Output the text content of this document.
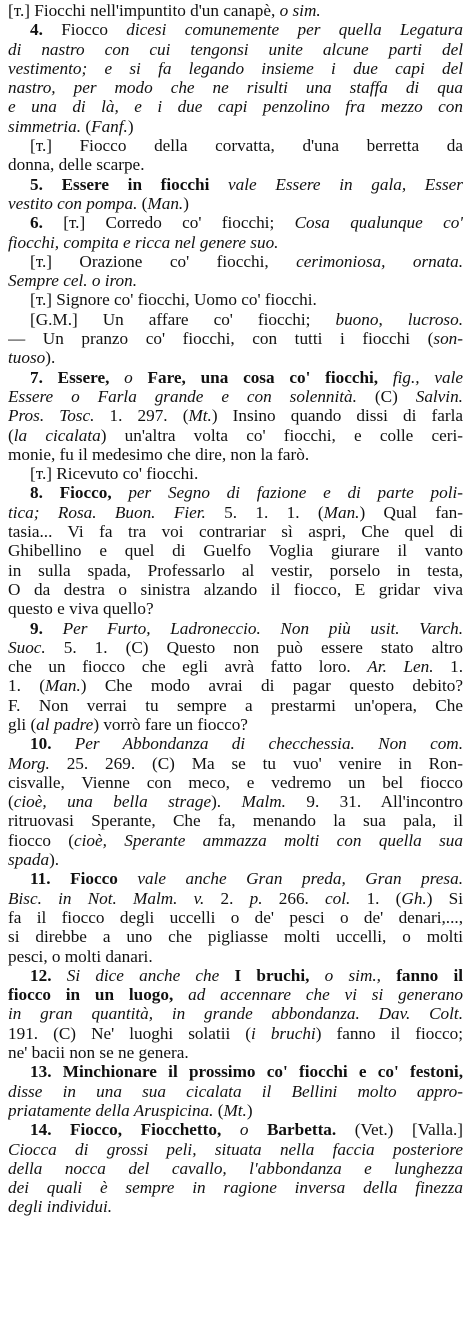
[т.] Fiocchi nell'impuntito d'un canapè, o sim.
4. Fiocco dicesi comunemente per quella Legatura
di nastro con cui tengonsi unite alcune parti del
vestimento; e si fa legando insieme i due capi del
nastro, per modo che ne risulti una staffa di qua
e una di là, e i due capi penzolino fra mezzo con
simmetria. (Fanf.)
[т.] Fiocco della corvatta, d'una berretta da
donna, delle scarpe.
5. Essere in fiocchi vale Essere in gala, Esser
vestito con pompa. (Man.)
6. [т.] Corredo co' fiocchi; Cosa qualunque co'
fiocchi, compita e ricca nel genere suo.
[т.] Orazione co' fiocchi, cerimoniosa, ornata.
Sempre cel. o iron.
[т.] Signore co' fiocchi, Uomo co' fiocchi.
[G.M.] Un affare co' fiocchi; buono, lucroso.
— Un pranzo co' fiocchi, con tutti i fiocchi (son-
tuoso).
7. Essere, o Fare, una cosa co' fiocchi, fig., vale
Essere o Farla grande e con solennità. (C) Salvin.
Pros. Tosc. 1. 297. (Mt.) Insino quando dissi di farla
(la cicalata) un'altra volta co' fiocchi, e colle ceri-
monie, fu il medesimo che dire, non la farò.
[т.] Ricevuto co' fiocchi.
8. Fiocco, per Segno di fazione e di parte poli-
tica; Rosa. Buon. Fier. 5. 1. 1. (Man.) Qual fan-
tasia... Vi fa tra voi contrariar sì aspri, Che quel di
Ghibellino e quel di Guelfo Voglia giurare il vanto
in sulla spada, Professarlo al vestir, porselo in testa,
O da destra o sinistra alzando il fiocco, E gridar viva
questo e viva quello?
9. Per Furto, Ladroneccio. Non più usit. Varch.
Suoc. 5. 1. (C) Questo non può essere stato altro
che un fiocco che egli avrà fatto loro. Ar. Len. 1.
1. (Man.) Che modo avrai di pagar questo debito?
F. Non verrai tu sempre a prestarmi un'opera, Che
gli (al padre) vorrò fare un fiocco?
10. Per Abbondanza di checchessia. Non com.
Morg. 25. 269. (C) Ma se tu vuo' venire in Ron-
cisvalle, Vienne con meco, e vedremo un bel fiocco
(cioè, una bella strage). Malm. 9. 31. All'incontro
ritruovasi Sperante, Che fa, menando la sua pala, il
fiocco (cioè, Sperante ammazza molti con quella sua
spada).
11. Fiocco vale anche Gran preda, Gran presa.
Bisc. in Not. Malm. v. 2. p. 266. col. 1. (Gh.) Si
fa il fiocco degli uccelli o de' pesci o de' denari,...,
si direbbe a uno che pigliasse molti uccelli, o molti
pesci, o molti danari.
12. Si dice anche che I bruchi, o sim., fanno il
fiocco in un luogo, ad accennare che vi si generano
in gran quantità, in grande abbondanza. Dav. Colt.
191. (C) Ne' luoghi solatii (i bruchi) fanno il fiocco;
ne' bacii non se ne genera.
13. Minchionare il prossimo co' fiocchi e co' festoni,
disse in una sua cicalata il Bellini molto appro-
priatamente della Aruspicina. (Mt.)
14. Fiocco, Fiocchetto, o Barbetta. (Vet.) [Valla.]
Ciocca di grossi peli, situata nella faccia posteriore
della nocca del cavallo, l'abbondanza e lunghezza
dei quali è sempre in ragione inversa della finezza
degli individui.
